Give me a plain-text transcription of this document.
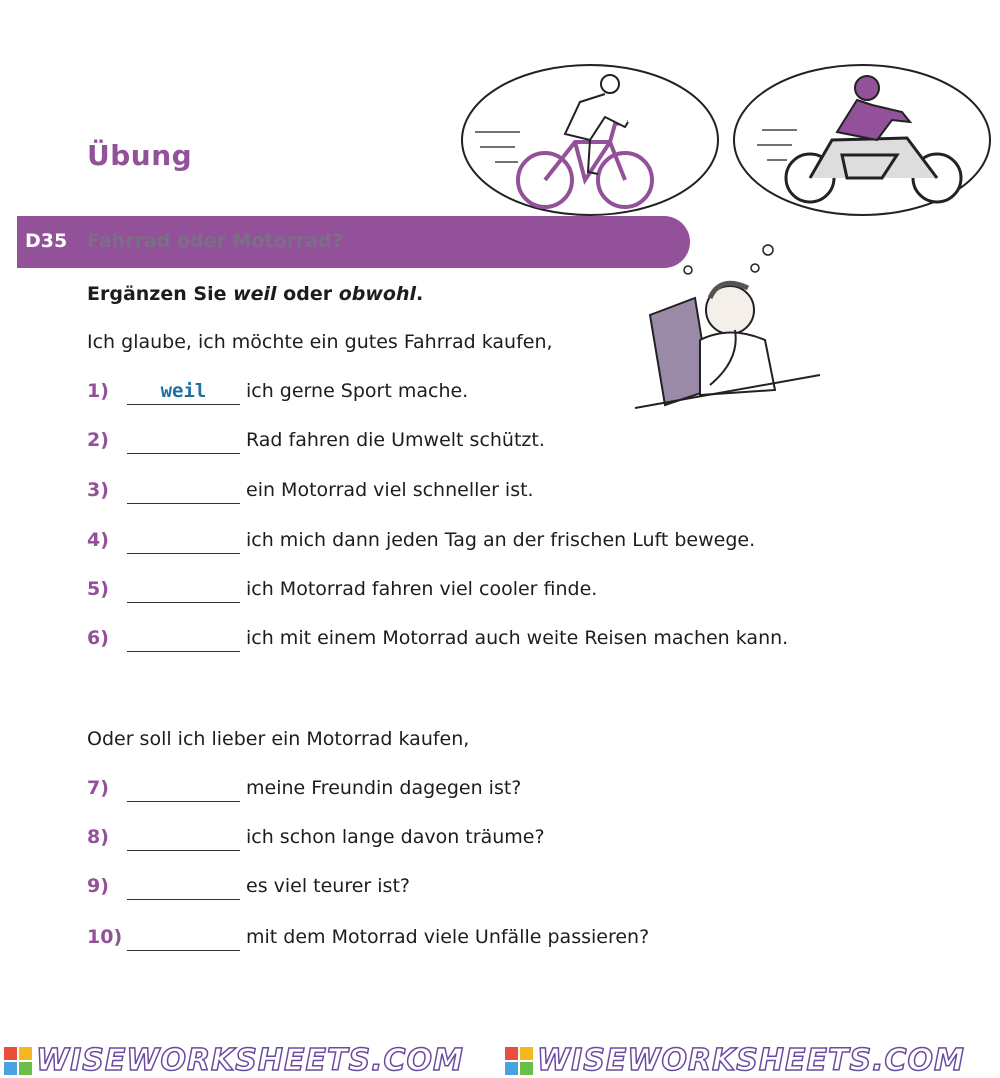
Übung
D35 Fahrrad oder Motorrad?
Ergänzen Sie weil oder obwohl.
Ich glaube, ich möchte ein gutes Fahrrad kaufen,
1)	weil	ich gerne Sport mache.
2)	Rad fahren die Umwelt schützt.
3)	ein Motorrad viel schneller ist.
4)	ich mich dann jeden Tag an der frischen Luft bewege.
5)	ich Motorrad fahren viel cooler finde.
6)	ich mit einem Motorrad auch weite Reisen machen kann.
Oder soll ich lieber ein Motorrad kaufen,
7)	meine Freundin dagegen ist?
8)	ich schon lange davon träume?
9)	es viel teurer ist?
10)	mit dem Motorrad viele Unfälle passieren?
WISEWORKSHEETS.COM WISEWORKSHEETS.COM
